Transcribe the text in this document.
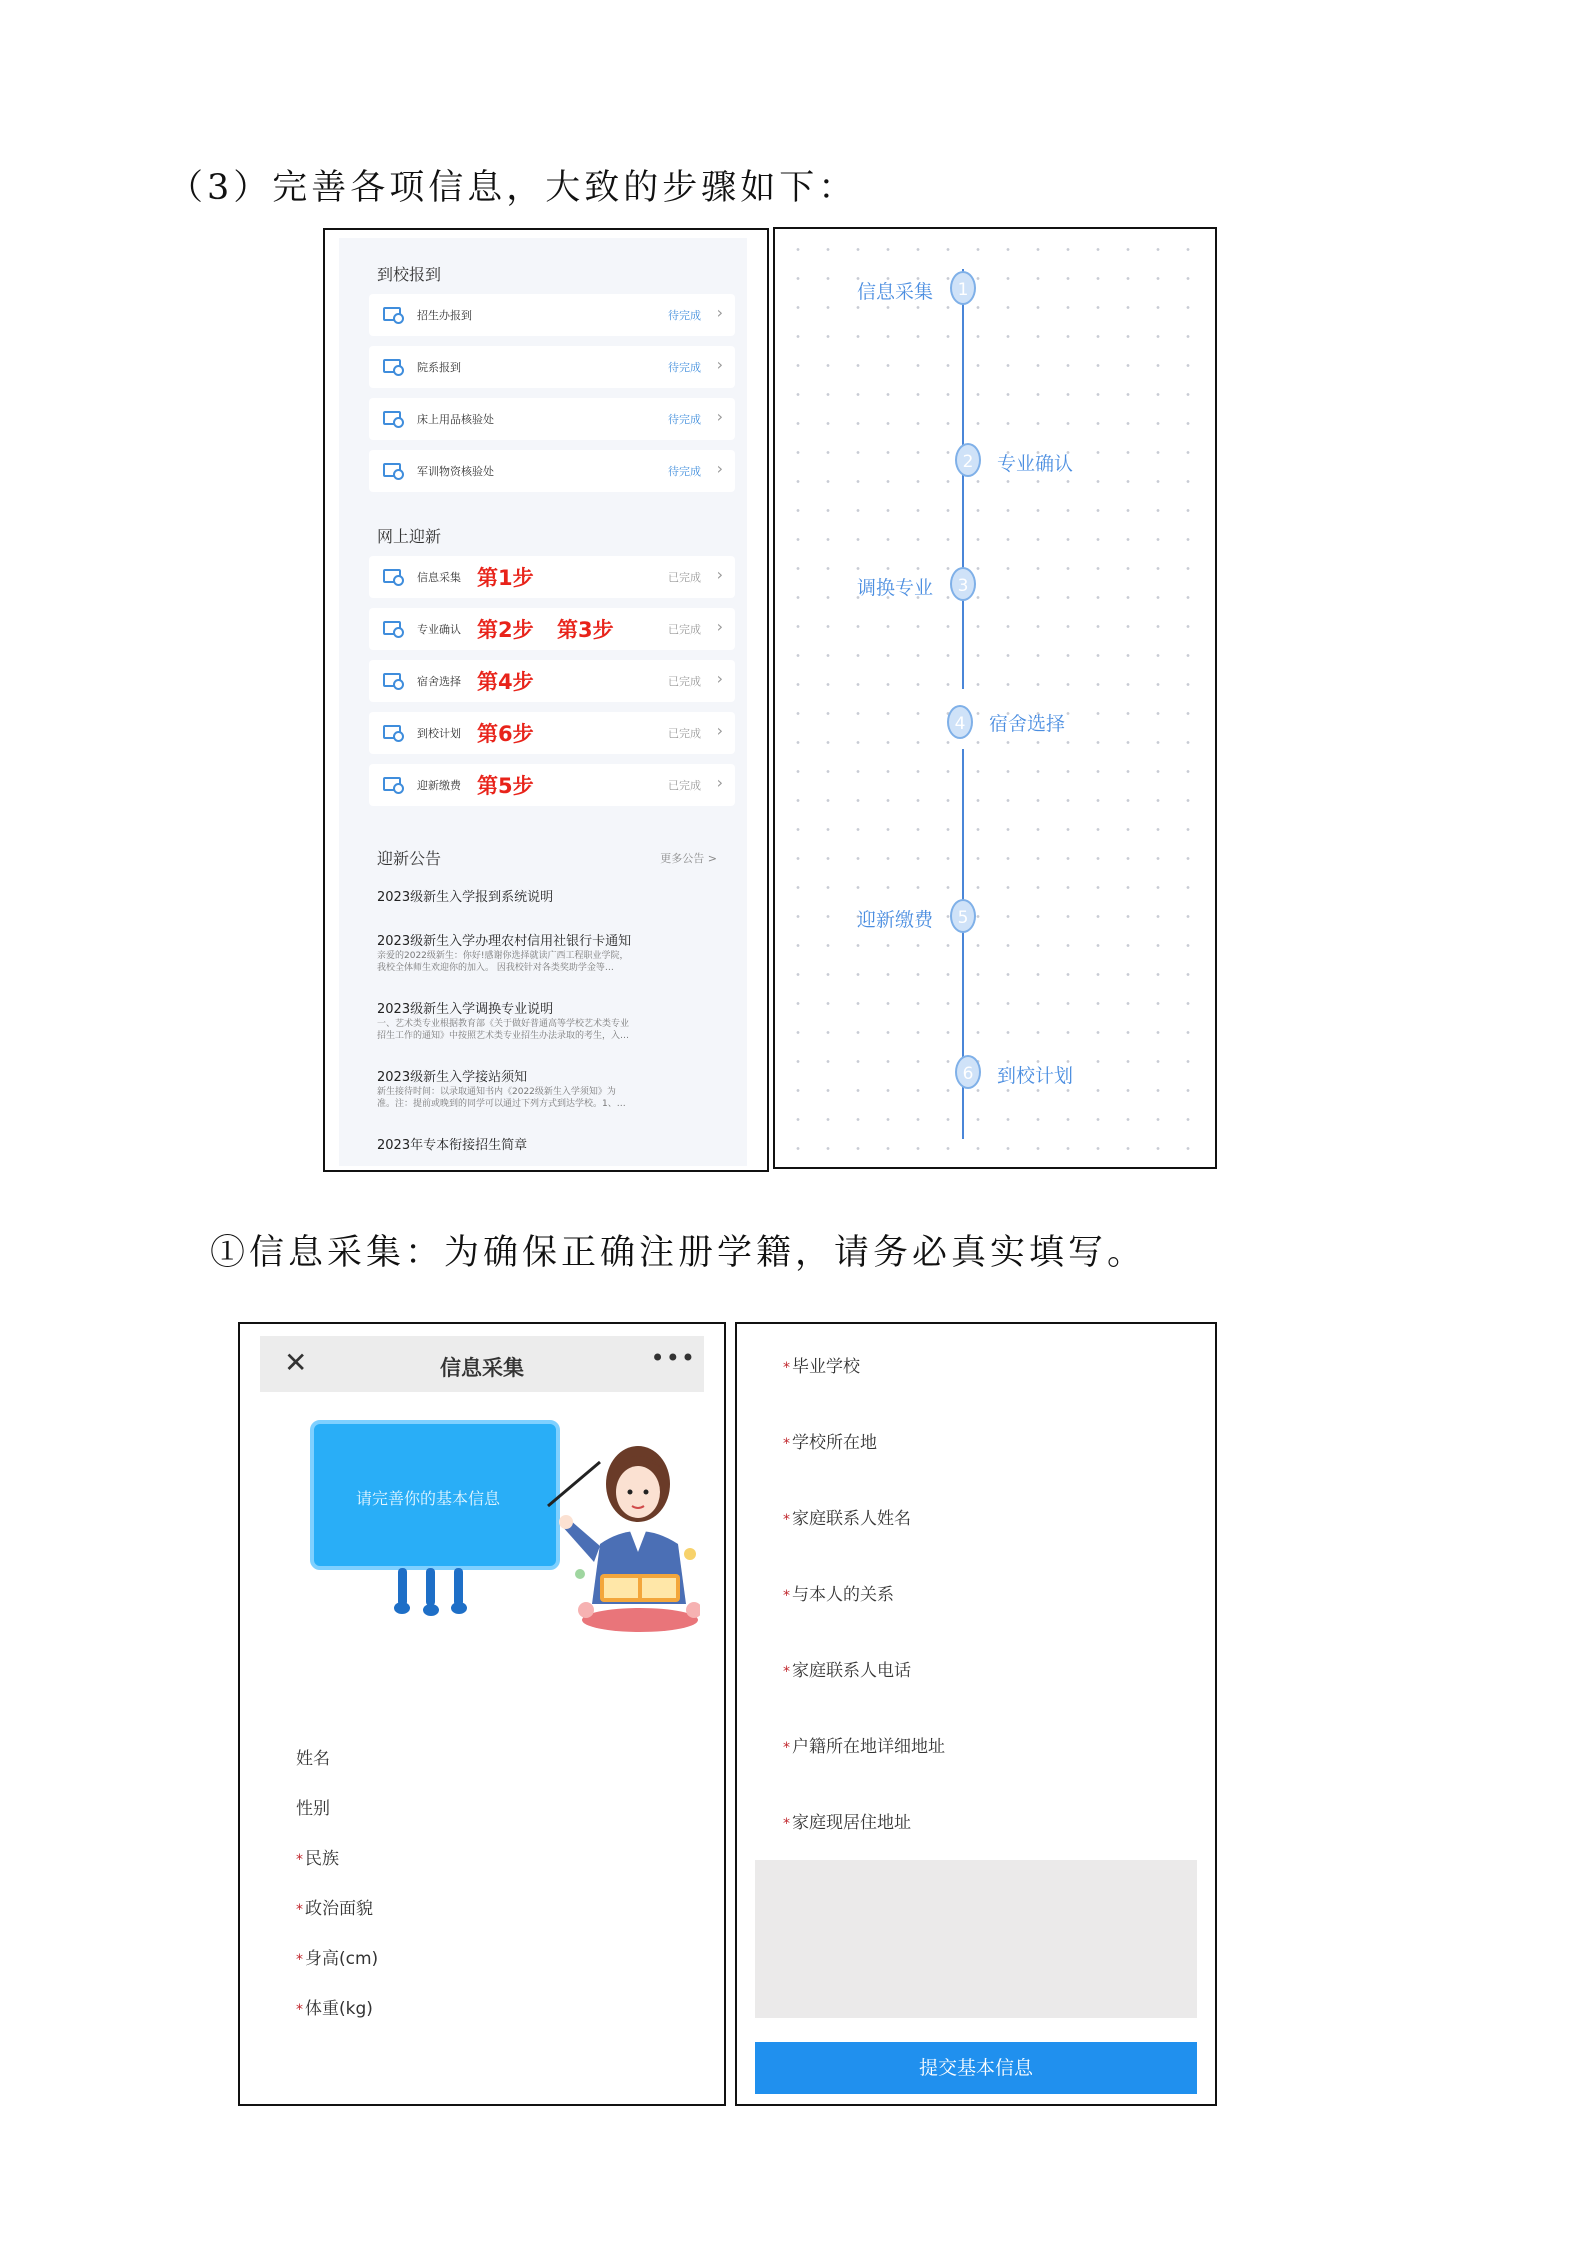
（3）完善各项信息，大致的步骤如下：
到校报到
招生办报到	待完成 ›
院系报到	待完成 ›
床上用品核验处	待完成 ›
军训物资核验处	待完成 ›
网上迎新
信息采集 第1步	已完成 ›
专业确认 第2步 第3步	已完成 ›
宿舍选择 第4步	已完成 ›
到校计划 第6步	已完成 ›
迎新缴费 第5步	已完成 ›
迎新公告	更多公告 >
2023级新生入学报到系统说明
2023级新生入学办理农村信用社银行卡通知
亲爱的2022级新生：你好!感谢你选择就读广西工程职业学院，
我校全体师生欢迎你的加入。 因我校针对各类奖助学金等…
2023级新生入学调换专业说明
一、艺术类专业根据教育部《关于做好普通高等学校艺术类专业
招生工作的通知》中按照艺术类专业招生办法录取的考生，入…
2023级新生入学接站须知
新生接待时间：以录取通知书内《2022级新生入学须知》为
准。注：提前或晚到的同学可以通过下列方式到达学校。1、…
2023年专本衔接招生简章
信息采集	1
2	专业确认
调换专业	3
4	宿舍选择
迎新缴费	5
6	到校计划
①信息采集：为确保正确注册学籍，请务必真实填写。
✕	信息采集	•••
请完善你的基本信息
姓名
性别
* 民族
* 政治面貌
* 身高(cm)
* 体重(kg)
* 毕业学校
* 学校所在地
* 家庭联系人姓名
* 与本人的关系
* 家庭联系人电话
* 户籍所在地详细地址
* 家庭现居住地址
提交基本信息
